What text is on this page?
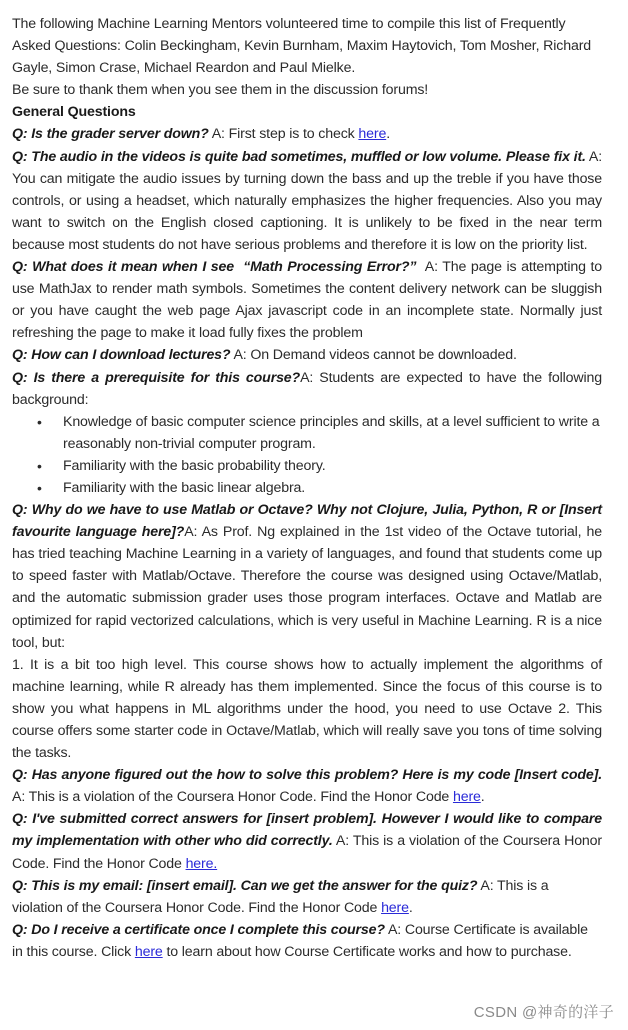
The following Machine Learning Mentors volunteered time to compile this list of Frequently Asked Questions: Colin Beckingham, Kevin Burnham, Maxim Haytovich, Tom Mosher, Richard Gayle, Simon Crase, Michael Reardon and Paul Mielke.

Be sure to thank them when you see them in the discussion forums!

General Questions

Q: Is the grader server down? A: First step is to check here.

Q: The audio in the videos is quite bad sometimes, muffled or low volume. Please fix it. A: You can mitigate the audio issues by turning down the bass and up the treble if you have those controls, or using a headset, which naturally emphasizes the higher frequencies. Also you may want to switch on the English closed captioning. It is unlikely to be fixed in the near term because most students do not have serious problems and therefore it is low on the priority list.

Q: What does it mean when I see  “Math Processing Error?”  A: The page is attempting to use MathJax to render math symbols. Sometimes the content delivery network can be sluggish or you have caught the web page Ajax javascript code in an incomplete state. Normally just refreshing the page to make it load fully fixes the problem

Q: How can I download lectures? A: On Demand videos cannot be downloaded.

Q: Is there a prerequisite for this course?A: Students are expected to have the following background:

• Knowledge of basic computer science principles and skills, at a level sufficient to write a reasonably non-trivial computer program.
• Familiarity with the basic probability theory.
• Familiarity with the basic linear algebra.

Q: Why do we have to use Matlab or Octave? Why not Clojure, Julia, Python, R or [Insert favourite language here]?A: As Prof. Ng explained in the 1st video of the Octave tutorial, he has tried teaching Machine Learning in a variety of languages, and found that students come up to speed faster with Matlab/Octave. Therefore the course was designed using Octave/Matlab, and the automatic submission grader uses those program interfaces. Octave and Matlab are optimized for rapid vectorized calculations, which is very useful in Machine Learning. R is a nice tool, but:

1. It is a bit too high level. This course shows how to actually implement the algorithms of machine learning, while R already has them implemented. Since the focus of this course is to show you what happens in ML algorithms under the hood, you need to use Octave 2. This course offers some starter code in Octave/Matlab, which will really save you tons of time solving the tasks.

Q: Has anyone figured out the how to solve this problem? Here is my code [Insert code]. A: This is a violation of the Coursera Honor Code. Find the Honor Code here.

Q: I've submitted correct answers for [insert problem]. However I would like to compare my implementation with other who did correctly. A: This is a violation of the Coursera Honor Code. Find the Honor Code here.

Q: This is my email: [insert email]. Can we get the answer for the quiz? A: This is a violation of the Coursera Honor Code. Find the Honor Code here.

Q: Do I receive a certificate once I complete this course? A: Course Certificate is available in this course. Click here to learn about how Course Certificate works and how to purchase.

CSDN @神奇的洋子
